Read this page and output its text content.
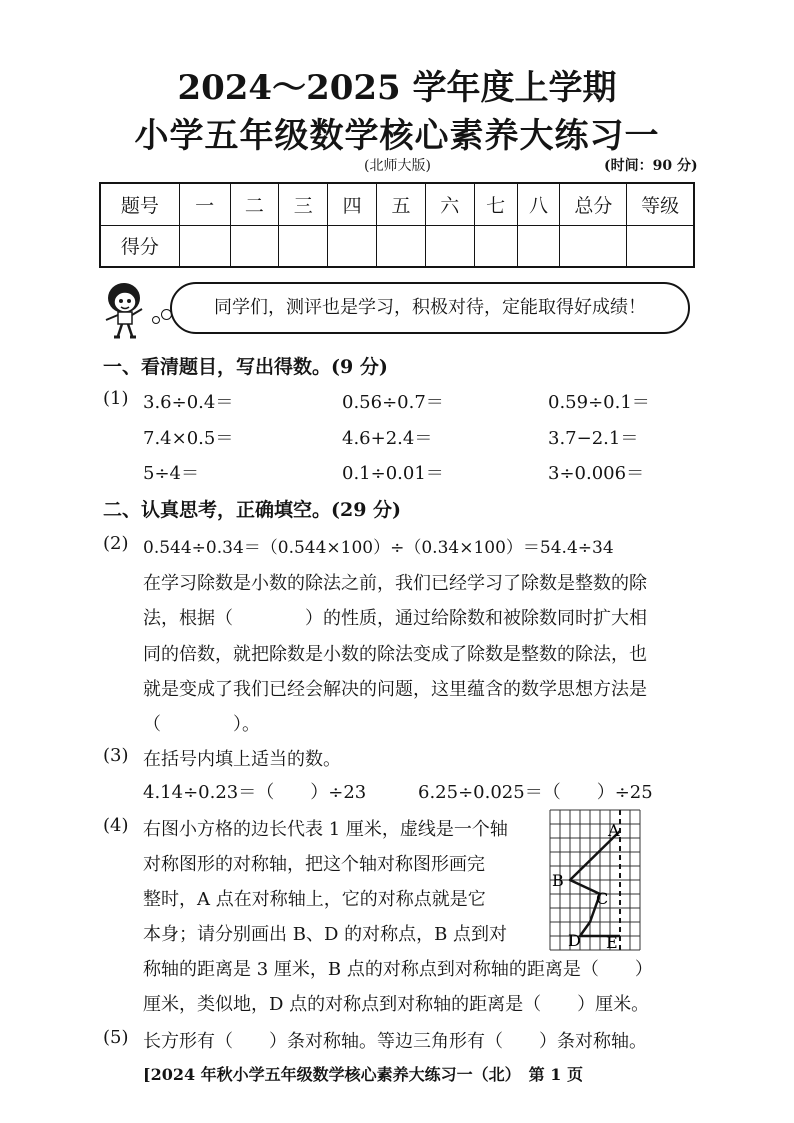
2024～2025 学年度上学期
小学五年级数学核心素养大练习一
(北师大版)	(时间：90 分)
题号	一	二	三	四	五	六	七	八	总分	等级
得分										
同学们，测评也是学习，积极对待，定能取得好成绩！
一、看清题目，写出得数。(9 分)
(1) 3.6÷0.4＝	0.56÷0.7＝	0.59÷0.1＝
7.4×0.5＝	4.6+2.4＝	3.7−2.1＝
5÷4＝	0.1÷0.01＝	3÷0.006＝
二、认真思考，正确填空。(29 分)
(2) 0.544÷0.34＝（0.544×100）÷（0.34×100）＝54.4÷34
在学习除数是小数的除法之前，我们已经学习了除数是整数的除
法，根据（　　　　）的性质，通过给除数和被除数同时扩大相
同的倍数，就把除数是小数的除法变成了除数是整数的除法，也
就是变成了我们已经会解决的问题，这里蕴含的数学思想方法是
（　　　　）。
(3) 在括号内填上适当的数。
4.14÷0.23＝（　　）÷23	6.25÷0.025＝（　　）÷25
(4) 右图小方格的边长代表 1 厘米，虚线是一个轴
对称图形的对称轴，把这个轴对称图形画完
整时，A 点在对称轴上，它的对称点就是它
本身；请分别画出 B、D 的对称点，B 点到对
称轴的距离是 3 厘米，B 点的对称点到对称轴的距离是（　　）
厘米，类似地，D 点的对称点到对称轴的距离是（　　）厘米。
A
B
C
D E
(5) 长方形有（　　）条对称轴。等边三角形有（　　）条对称轴。
[2024 年秋小学五年级数学核心素养大练习一（北）　第 1 页
